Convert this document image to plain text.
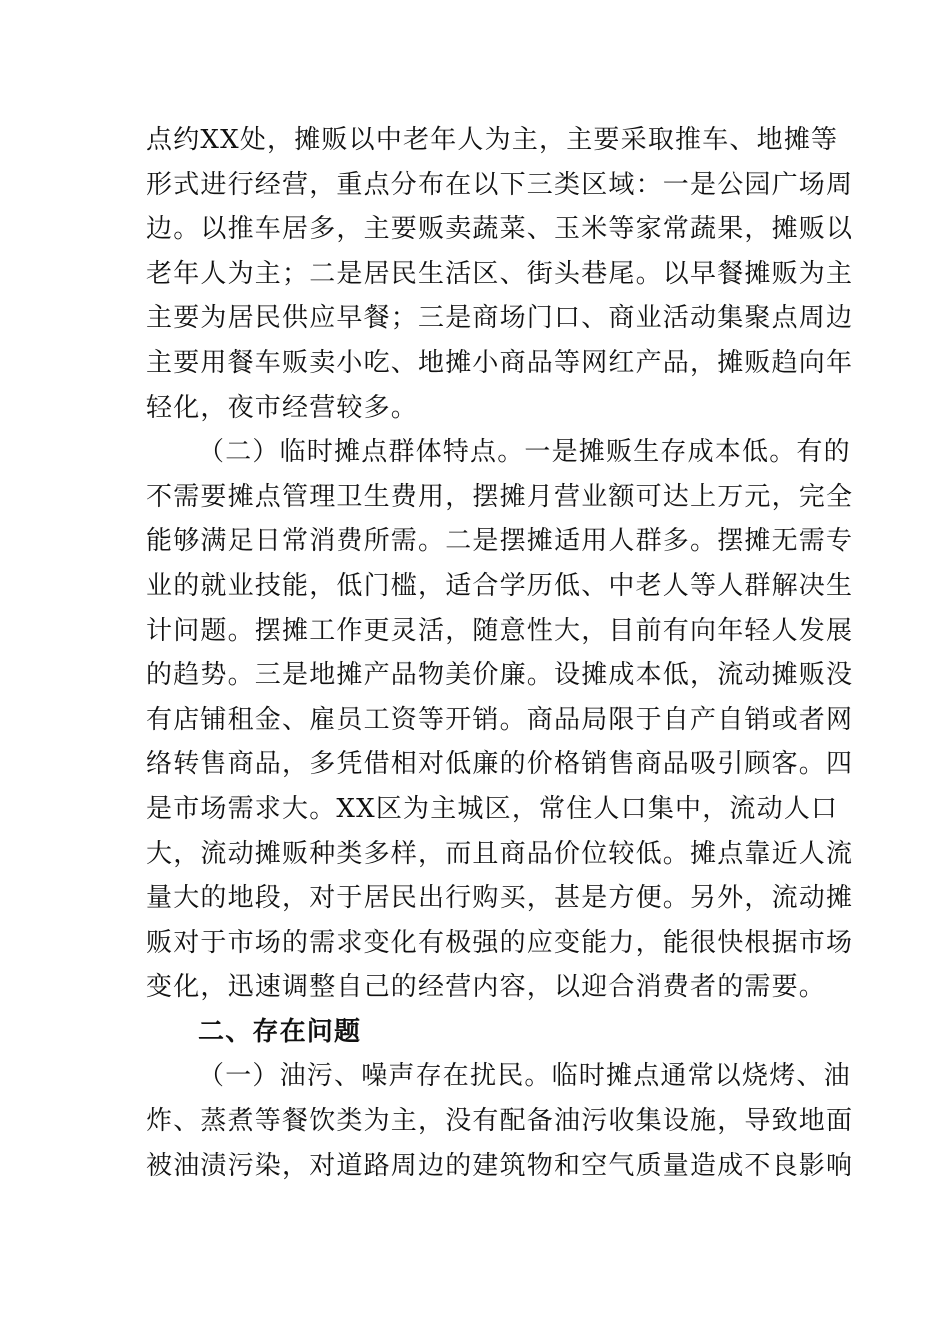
点约XX处，摊贩以中老年人为主，主要采取推车、地摊等
形式进行经营，重点分布在以下三类区域：一是公园广场周
边。以推车居多，主要贩卖蔬菜、玉米等家常蔬果，摊贩以
老年人为主；二是居民生活区、街头巷尾。以早餐摊贩为主
主要为居民供应早餐；三是商场门口、商业活动集聚点周边
主要用餐车贩卖小吃、地摊小商品等网红产品，摊贩趋向年
轻化，夜市经营较多。
（二）临时摊点群体特点。一是摊贩生存成本低。有的
不需要摊点管理卫生费用，摆摊月营业额可达上万元，完全
能够满足日常消费所需。二是摆摊适用人群多。摆摊无需专
业的就业技能，低门槛，适合学历低、中老人等人群解决生
计问题。摆摊工作更灵活，随意性大，目前有向年轻人发展
的趋势。三是地摊产品物美价廉。设摊成本低，流动摊贩没
有店铺租金、雇员工资等开销。商品局限于自产自销或者网
络转售商品，多凭借相对低廉的价格销售商品吸引顾客。四
是市场需求大。XX区为主城区，常住人口集中，流动人口
大，流动摊贩种类多样，而且商品价位较低。摊点靠近人流
量大的地段，对于居民出行购买，甚是方便。另外，流动摊
贩对于市场的需求变化有极强的应变能力，能很快根据市场
变化，迅速调整自己的经营内容，以迎合消费者的需要。
二、存在问题
（一）油污、噪声存在扰民。临时摊点通常以烧烤、油
炸、蒸煮等餐饮类为主，没有配备油污收集设施，导致地面
被油渍污染，对道路周边的建筑物和空气质量造成不良影响
